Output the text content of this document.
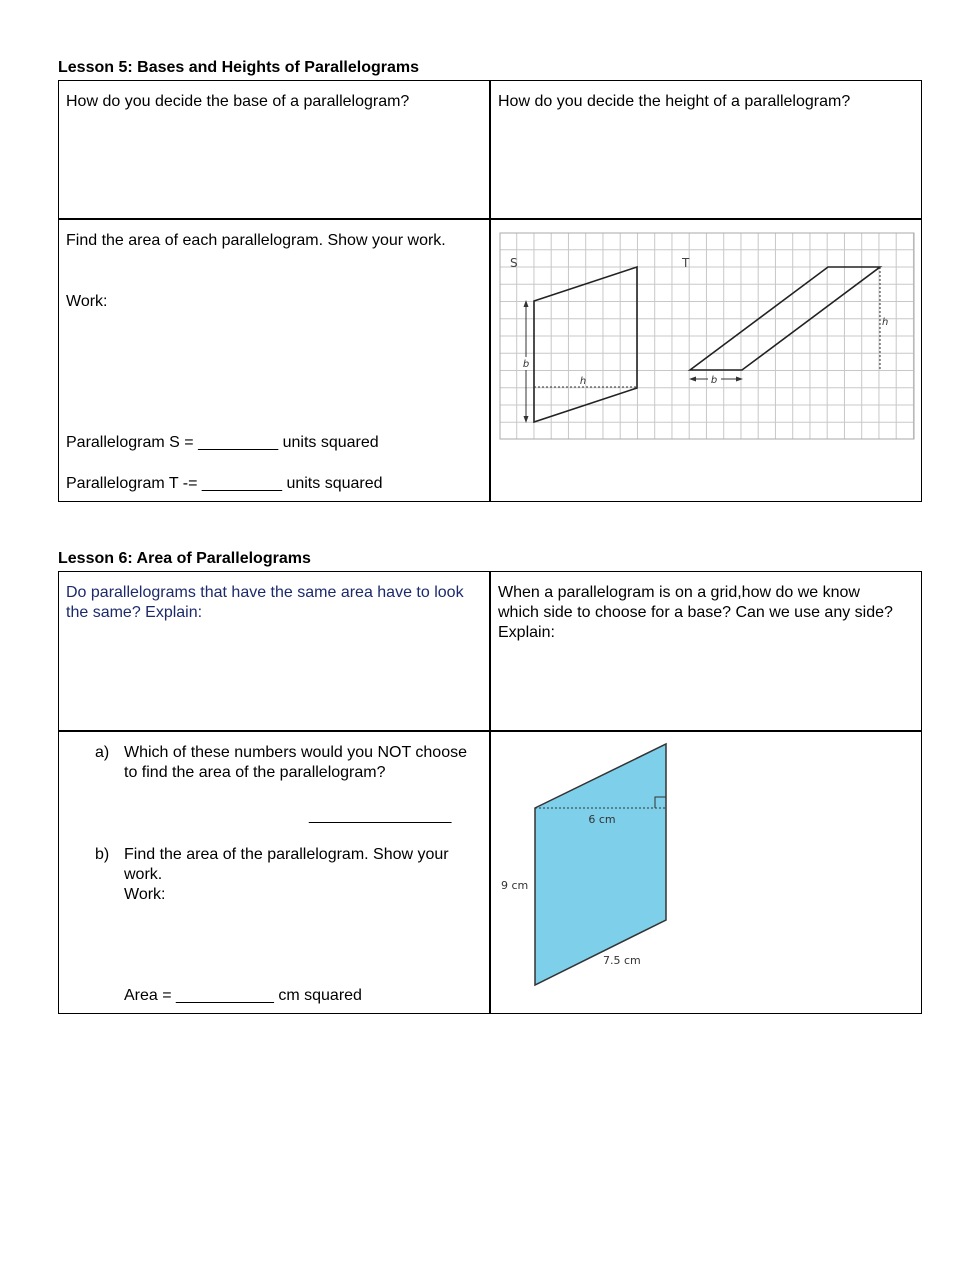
Lesson 5: Bases and Heights of Parallelograms
How do you decide the base of a parallelogram?	How do you decide the height of a parallelogram?
Find the area of each parallelogram. Show your work.
Work:
Parallelogram S = _________ units squared
Parallelogram T -= _________ units squared
b
h
S	T
b
h
6 cm
9 cm
7.5 cm
Lesson 6: Area of Parallelograms
Do parallelograms that have the same area have to look the same? Explain:
When a parallelogram is on a grid,how do we know which side to choose for a base? Can we use any side? Explain:
a) Which of these numbers would you NOT choose to find the area of the parallelogram?
________________
b) Find the area of the parallelogram. Show your work.
Work:
Area = ___________ cm squared
